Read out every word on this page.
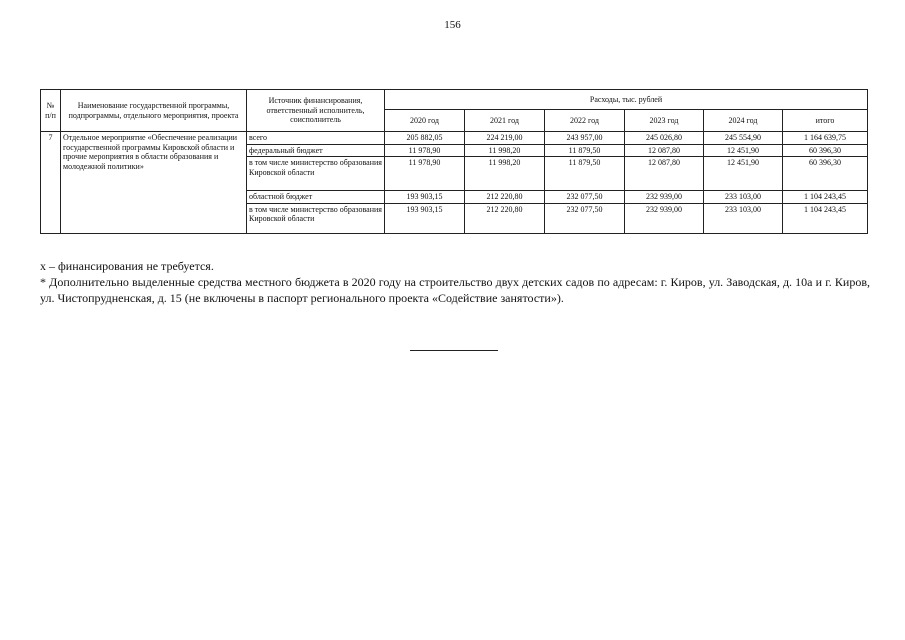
156
№ п/п	Наименование государственной программы, подпрограммы, отдельного мероприятия, проекта	Источник финансирования, ответственный исполнитель, соисполнитель	Расходы, тыс. рублей					
			2020 год	2021 год	2022 год	2023 год	2024 год	итого
7	Отдельное мероприятие «Обеспечение реализации государственной программы Кировской области и прочие мероприятия в области образования и молодежной политики»	всего	205 882,05	224 219,00	243 957,00	245 026,80	245 554,90	1 164 639,75
		федеральный бюджет	11 978,90	11 998,20	11 879,50	12 087,80	12 451,90	60 396,30
		в том числе министерство образования Кировской области	11 978,90	11 998,20	11 879,50	12 087,80	12 451,90	60 396,30
		областной бюджет	193 903,15	212 220,80	232 077,50	232 939,00	233 103,00	1 104 243,45
		в том числе министерство образования Кировской области	193 903,15	212 220,80	232 077,50	232 939,00	233 103,00	1 104 243,45

х – финансирования не требуется.

* Дополнительно выделенные средства местного бюджета в 2020 году на строительство двух детских садов по адресам: г. Киров, ул. Заводская, д. 10а и г. Киров, ул. Чистопрудненская, д. 15 (не включены в паспорт регионального проекта «Содействие занятости»).
